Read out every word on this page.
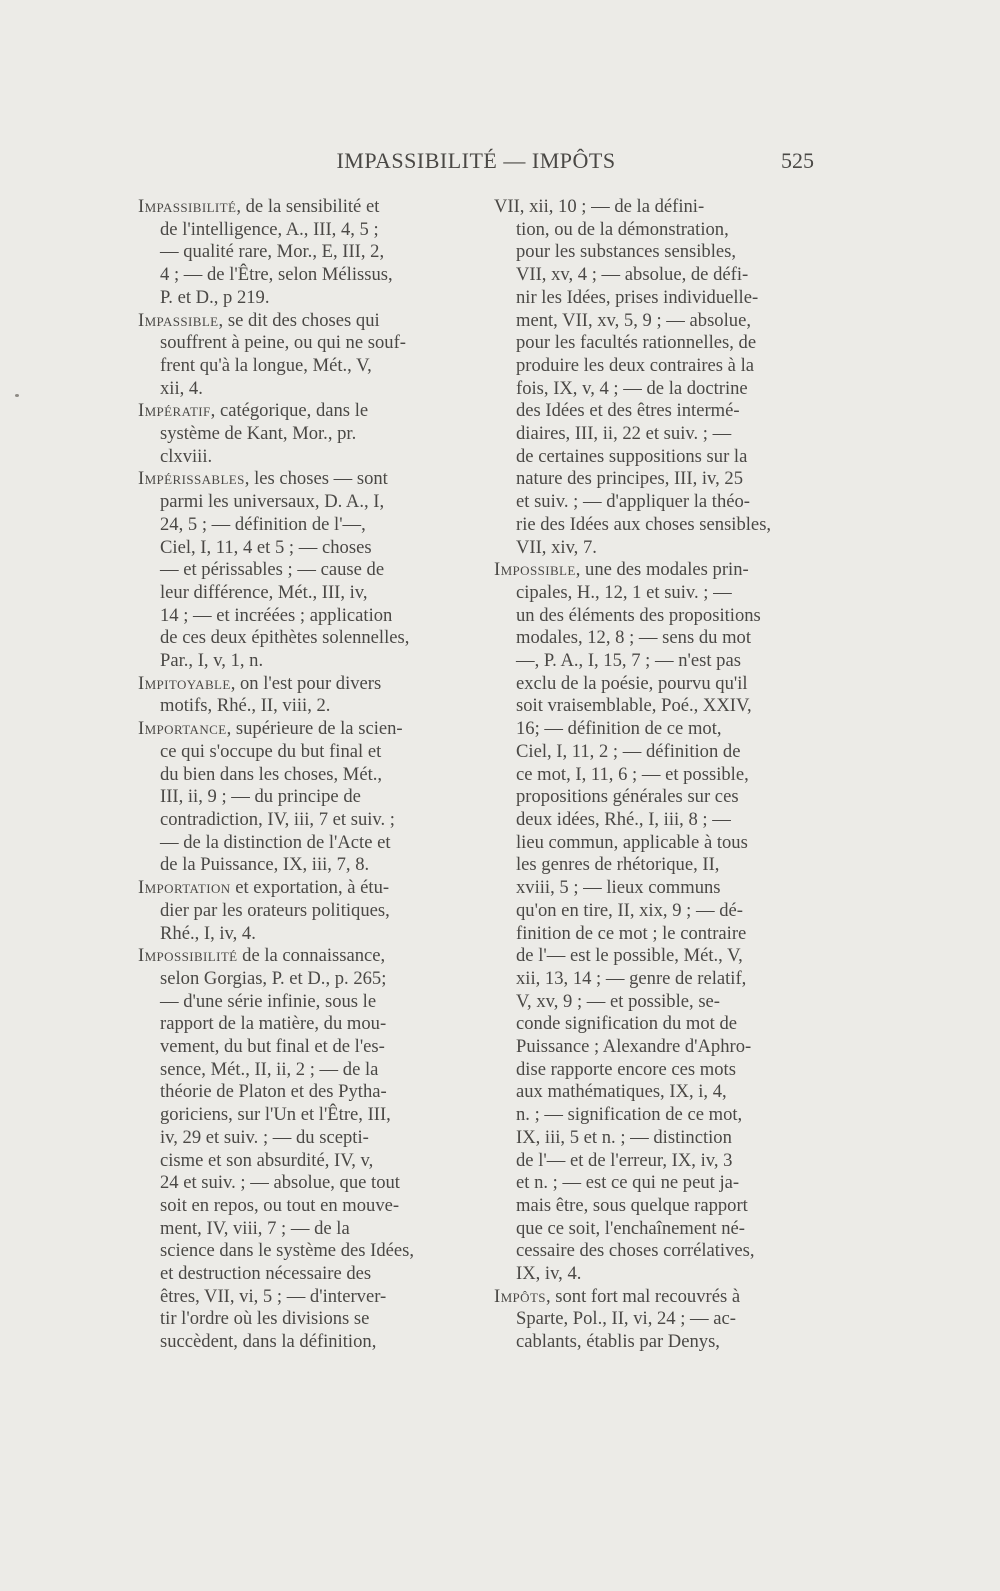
IMPASSIBILITÉ — IMPÔTS	525
Impassibilité, de la sensibilité et
de l'intelligence, A., III, 4, 5 ;
— qualité rare, Mor., E, III, 2,
4 ; — de l'Être, selon Mélissus,
P. et D., p 219.
Impassible, se dit des choses qui
souffrent à peine, ou qui ne souf-
frent qu'à la longue, Mét., V,
xii, 4.
Impératif, catégorique, dans le
système de Kant, Mor., pr.
clxviii.
Impérissables, les choses — sont
parmi les universaux, D. A., I,
24, 5 ; — définition de l'—,
Ciel, I, 11, 4 et 5 ; — choses
— et périssables ; — cause de
leur différence, Mét., III, iv,
14 ; — et incréées ; application
de ces deux épithètes solennelles,
Par., I, v, 1, n.
Impitoyable, on l'est pour divers
motifs, Rhé., II, viii, 2.
Importance, supérieure de la scien-
ce qui s'occupe du but final et
du bien dans les choses, Mét.,
III, ii, 9 ; — du principe de
contradiction, IV, iii, 7 et suiv. ;
— de la distinction de l'Acte et
de la Puissance, IX, iii, 7, 8.
Importation et exportation, à étu-
dier par les orateurs politiques,
Rhé., I, iv, 4.
Impossibilité de la connaissance,
selon Gorgias, P. et D., p. 265;
— d'une série infinie, sous le
rapport de la matière, du mou-
vement, du but final et de l'es-
sence, Mét., II, ii, 2 ; — de la
théorie de Platon et des Pytha-
goriciens, sur l'Un et l'Être, III,
iv, 29 et suiv. ; — du scepti-
cisme et son absurdité, IV, v,
24 et suiv. ; — absolue, que tout
soit en repos, ou tout en mouve-
ment, IV, viii, 7 ; — de la
science dans le système des Idées,
et destruction nécessaire des
êtres, VII, vi, 5 ; — d'interver-
tir l'ordre où les divisions se
succèdent, dans la définition,
VII, xii, 10 ; — de la défini-
tion, ou de la démonstration,
pour les substances sensibles,
VII, xv, 4 ; — absolue, de défi-
nir les Idées, prises individuelle-
ment, VII, xv, 5, 9 ; — absolue,
pour les facultés rationnelles, de
produire les deux contraires à la
fois, IX, v, 4 ; — de la doctrine
des Idées et des êtres intermé-
diaires, III, ii, 22 et suiv. ; —
de certaines suppositions sur la
nature des principes, III, iv, 25
et suiv. ; — d'appliquer la théo-
rie des Idées aux choses sensibles,
VII, xiv, 7.
Impossible, une des modales prin-
cipales, H., 12, 1 et suiv. ; —
un des éléments des propositions
modales, 12, 8 ; — sens du mot
—, P. A., I, 15, 7 ; — n'est pas
exclu de la poésie, pourvu qu'il
soit vraisemblable, Poé., XXIV,
16; — définition de ce mot,
Ciel, I, 11, 2 ; — définition de
ce mot, I, 11, 6 ; — et possible,
propositions générales sur ces
deux idées, Rhé., I, iii, 8 ; —
lieu commun, applicable à tous
les genres de rhétorique, II,
xviii, 5 ; — lieux communs
qu'on en tire, II, xix, 9 ; — dé-
finition de ce mot ; le contraire
de l'— est le possible, Mét., V,
xii, 13, 14 ; — genre de relatif,
V, xv, 9 ; — et possible, se-
conde signification du mot de
Puissance ; Alexandre d'Aphro-
dise rapporte encore ces mots
aux mathématiques, IX, i, 4,
n. ; — signification de ce mot,
IX, iii, 5 et n. ; — distinction
de l'— et de l'erreur, IX, iv, 3
et n. ; — est ce qui ne peut ja-
mais être, sous quelque rapport
que ce soit, l'enchaînement né-
cessaire des choses corrélatives,
IX, iv, 4.
Impôts, sont fort mal recouvrés à
Sparte, Pol., II, vi, 24 ; — ac-
cablants, établis par Denys,
